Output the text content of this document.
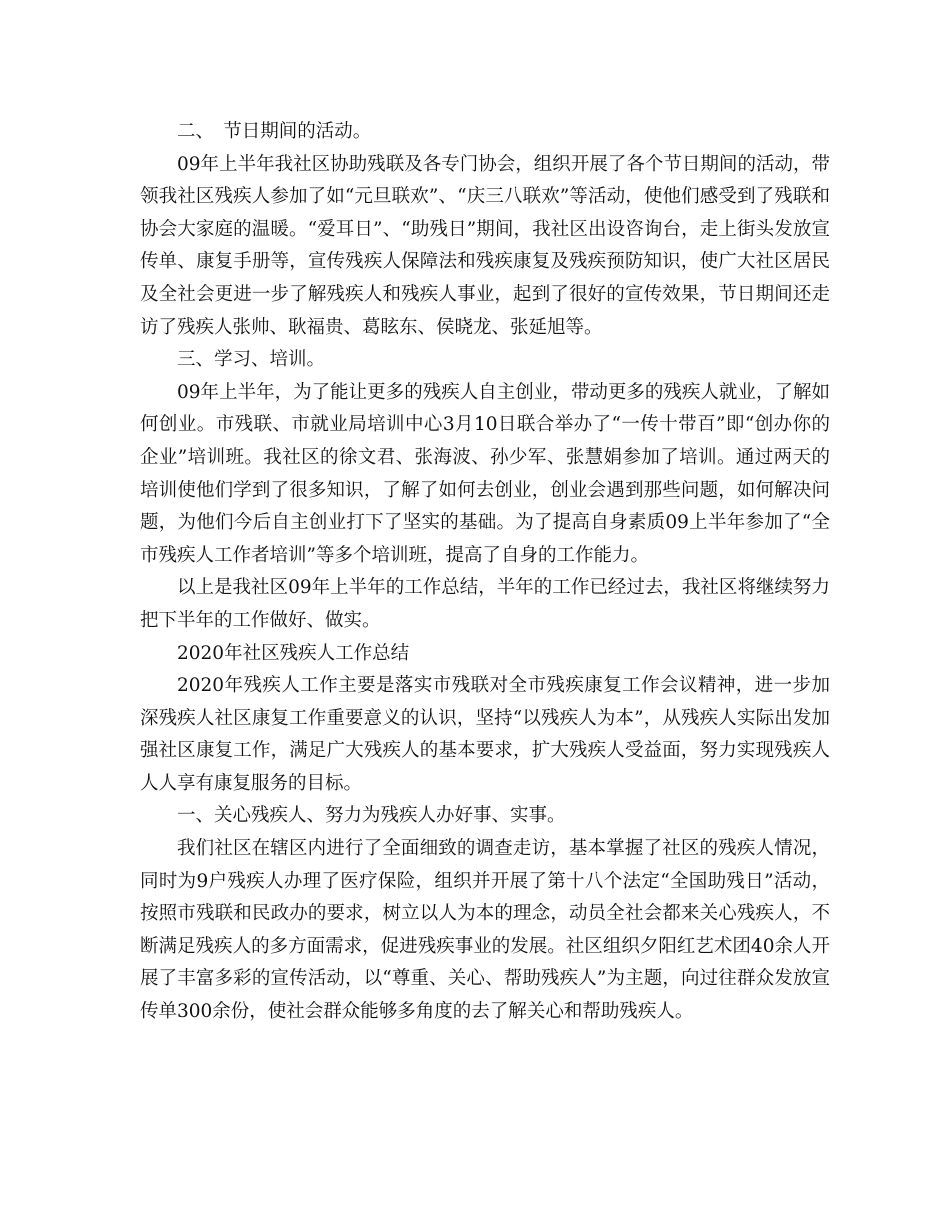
二、　节日期间的活动。

09年上半年我社区协助残联及各专门协会，组织开展了各个节日期间的活动，带领我社区残疾人参加了如“元旦联欢”、“庆三八联欢”等活动，使他们感受到了残联和协会大家庭的温暖。“爱耳日”、“助残日”期间，我社区出设咨询台，走上街头发放宣传单、康复手册等，宣传残疾人保障法和残疾康复及残疾预防知识，使广大社区居民及全社会更进一步了解残疾人和残疾人事业，起到了很好的宣传效果，节日期间还走访了残疾人张帅、耿福贵、葛眩东、侯晓龙、张延旭等。

三、学习、培训。

09年上半年，为了能让更多的残疾人自主创业，带动更多的残疾人就业，了解如何创业。市残联、市就业局培训中心3月10日联合举办了“一传十带百”即“创办你的企业”培训班。我社区的徐文君、张海波、孙少军、张慧娟参加了培训。通过两天的培训使他们学到了很多知识，了解了如何去创业，创业会遇到那些问题，如何解决问题，为他们今后自主创业打下了坚实的基础。为了提高自身素质09上半年参加了“全市残疾人工作者培训”等多个培训班，提高了自身的工作能力。

以上是我社区09年上半年的工作总结，半年的工作已经过去，我社区将继续努力把下半年的工作做好、做实。

2020年社区残疾人工作总结

2020年残疾人工作主要是落实市残联对全市残疾康复工作会议精神，进一步加深残疾人社区康复工作重要意义的认识，坚持“以残疾人为本”，从残疾人实际出发加强社区康复工作，满足广大残疾人的基本要求，扩大残疾人受益面，努力实现残疾人人人享有康复服务的目标。

一、关心残疾人、努力为残疾人办好事、实事。

我们社区在辖区内进行了全面细致的调查走访，基本掌握了社区的残疾人情况，同时为9户残疾人办理了医疗保险，组织并开展了第十八个法定“全国助残日”活动，按照市残联和民政办的要求，树立以人为本的理念，动员全社会都来关心残疾人，不断满足残疾人的多方面需求，促进残疾事业的发展。社区组织夕阳红艺术团40余人开展了丰富多彩的宣传活动，以“尊重、关心、帮助残疾人”为主题，向过往群众发放宣传单300余份，使社会群众能够多角度的去了解关心和帮助残疾人。
